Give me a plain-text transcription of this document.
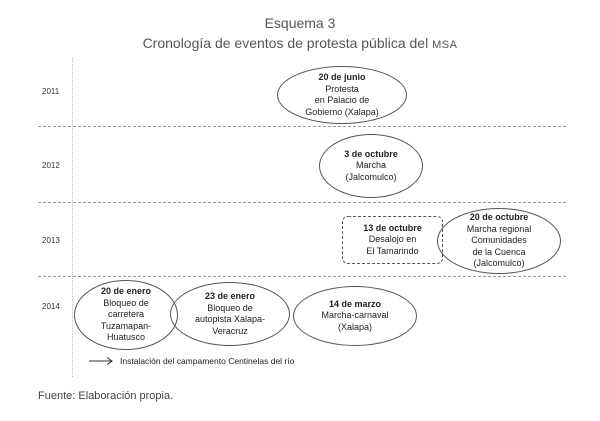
Esquema 3
Cronología de eventos de protesta pública del MSA
2011
2012
2013
2014
20 de junio
Protesta
en Palacio de
Gobierno (Xalapa)
3 de octubre
Marcha
(Jalcomulco)
13 de octubre
Desalojo en
El Tamarindo
20 de octubre
Marcha regional
Comunidades
de la Cuenca
(Jalcomulco)
20 de enero
Bloqueo de
carretera
Tuzamapan-
Huatusco
23 de enero
Bloqueo de
autopista Xalapa-
Veracruz
14 de marzo
Marcha-carnaval
(Xalapa)
Instalación del campamento Centinelas del río
Fuente: Elaboración propia.
